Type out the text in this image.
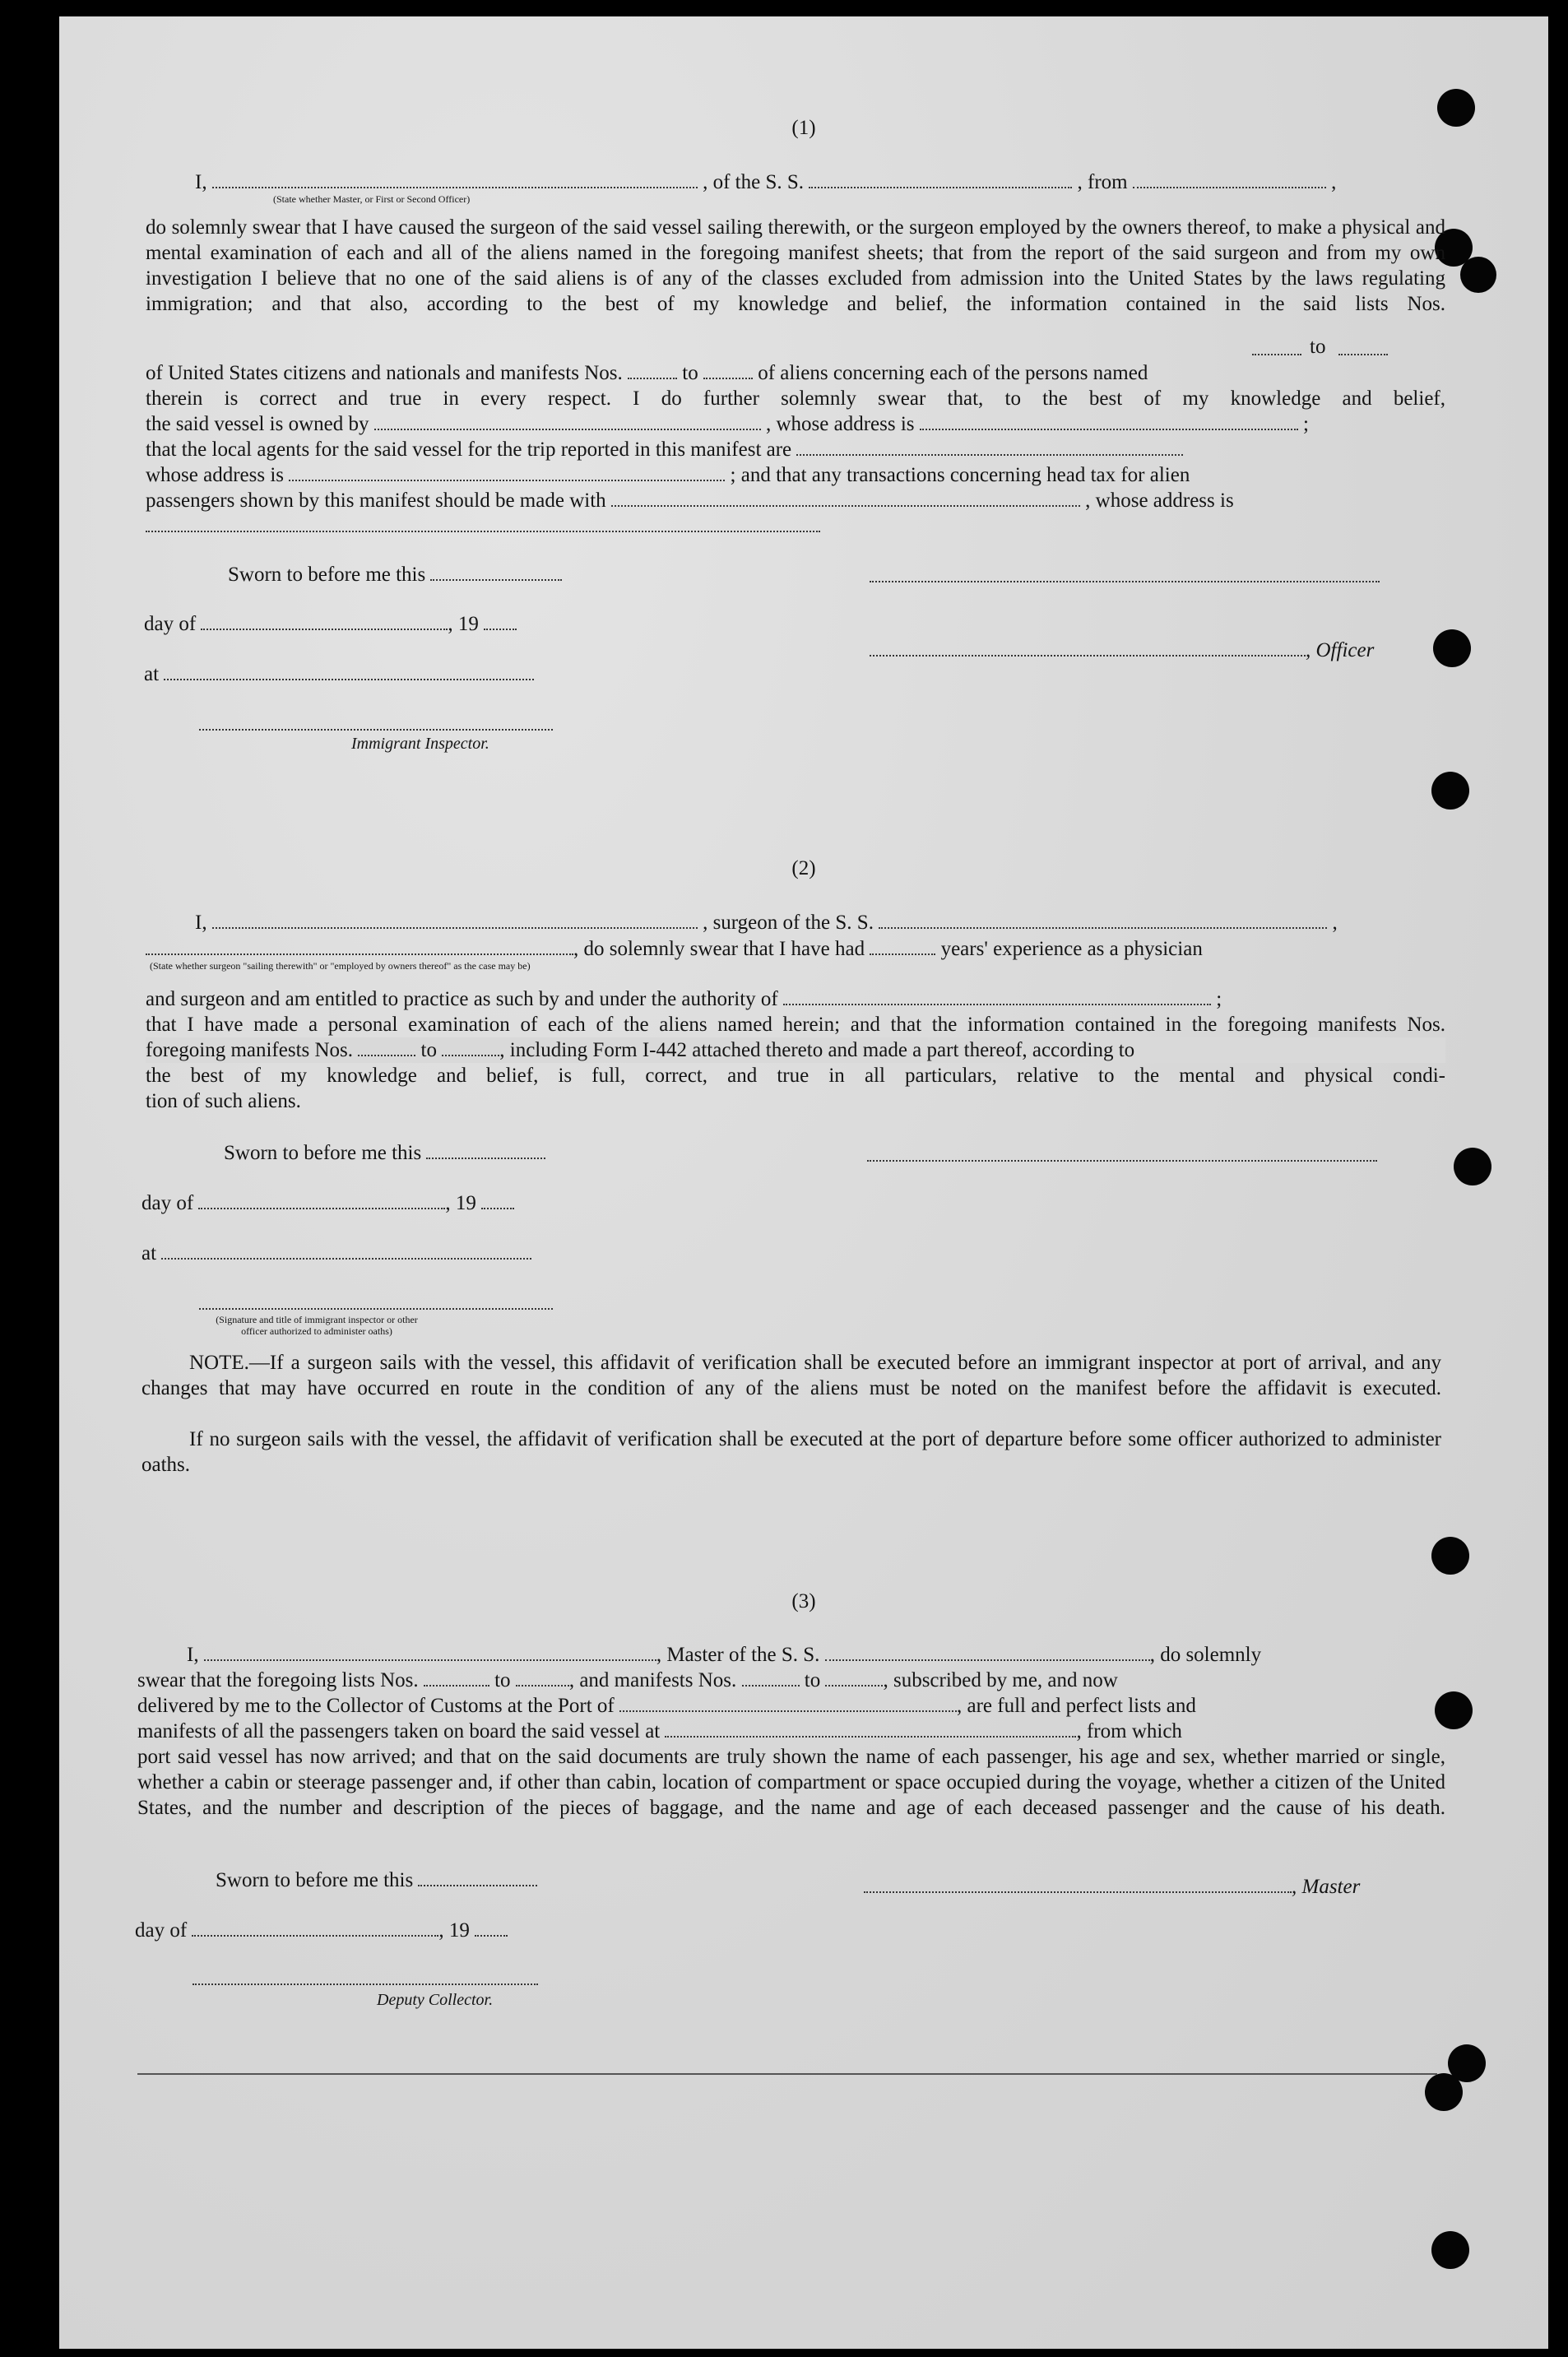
(1)
I,	, of the S. S.	, from	,
(State whether Master, or First or Second Officer)
do solemnly swear that I have caused the surgeon of the said vessel sailing therewith, or the surgeon employed by the owners thereof, to make a physical and mental examination of each and all of the aliens named in the foregoing manifest sheets; that from the report of the said surgeon and from my own investigation I believe that no one of the said aliens is of any of the classes excluded from admission into the United States by the laws regulating immigration; and that also, according to the best of my knowledge and belief, the information contained in the said lists Nos.
to
of United States citizens and nationals and manifests Nos.	to	of aliens concerning each of the persons named
therein is correct and true in every respect. I do further solemnly swear that, to the best of my knowledge and belief,
the said vessel is owned by	, whose address is	;
that the local agents for the said vessel for the trip reported in this manifest are
whose address is	; and that any transactions concerning head tax for alien
passengers shown by this manifest should be made with	, whose address is
Sworn to before me this
day of	, 19
, Officer
at
Immigrant Inspector.
(2)
I,	, surgeon of the S. S.	,
, do solemnly swear that I have had	years' experience as a physician
(State whether surgeon "sailing therewith" or "employed by owners thereof" as the case may be)
and surgeon and am entitled to practice as such by and under the authority of	;
that I have made a personal examination of each of the aliens named herein; and that the information contained in the foregoing manifests Nos.
foregoing manifests Nos.	to	, including Form I-442 attached thereto and made a part thereof, according to
the best of my knowledge and belief, is full, correct, and true in all particulars, relative to the mental and physical condi-
tion of such aliens.
Sworn to before me this
day of	, 19
at
(Signature and title of immigrant inspector or other officer authorized to administer oaths)
NOTE.—If a surgeon sails with the vessel, this affidavit of verification shall be executed before an immigrant inspector at port of arrival, and any changes that may have occurred en route in the condition of any of the aliens must be noted on the manifest before the affidavit is executed.
If no surgeon sails with the vessel, the affidavit of verification shall be executed at the port of departure before some officer authorized to administer oaths.
(3)
I,	, Master of the S. S.	, do solemnly
swear that the foregoing lists Nos.	to	, and manifests Nos.	to	, subscribed by me, and now
delivered by me to the Collector of Customs at the Port of	, are full and perfect lists and
manifests of all the passengers taken on board the said vessel at	, from which
port said vessel has now arrived; and that on the said documents are truly shown the name of each passenger, his age and sex, whether married or single, whether a cabin or steerage passenger and, if other than cabin, location of compartment or space occupied during the voyage, whether a citizen of the United States, and the number and description of the pieces of baggage, and the name and age of each deceased passenger and the cause of his death.
Sworn to before me this	, Master
day of	, 19
Deputy Collector.
